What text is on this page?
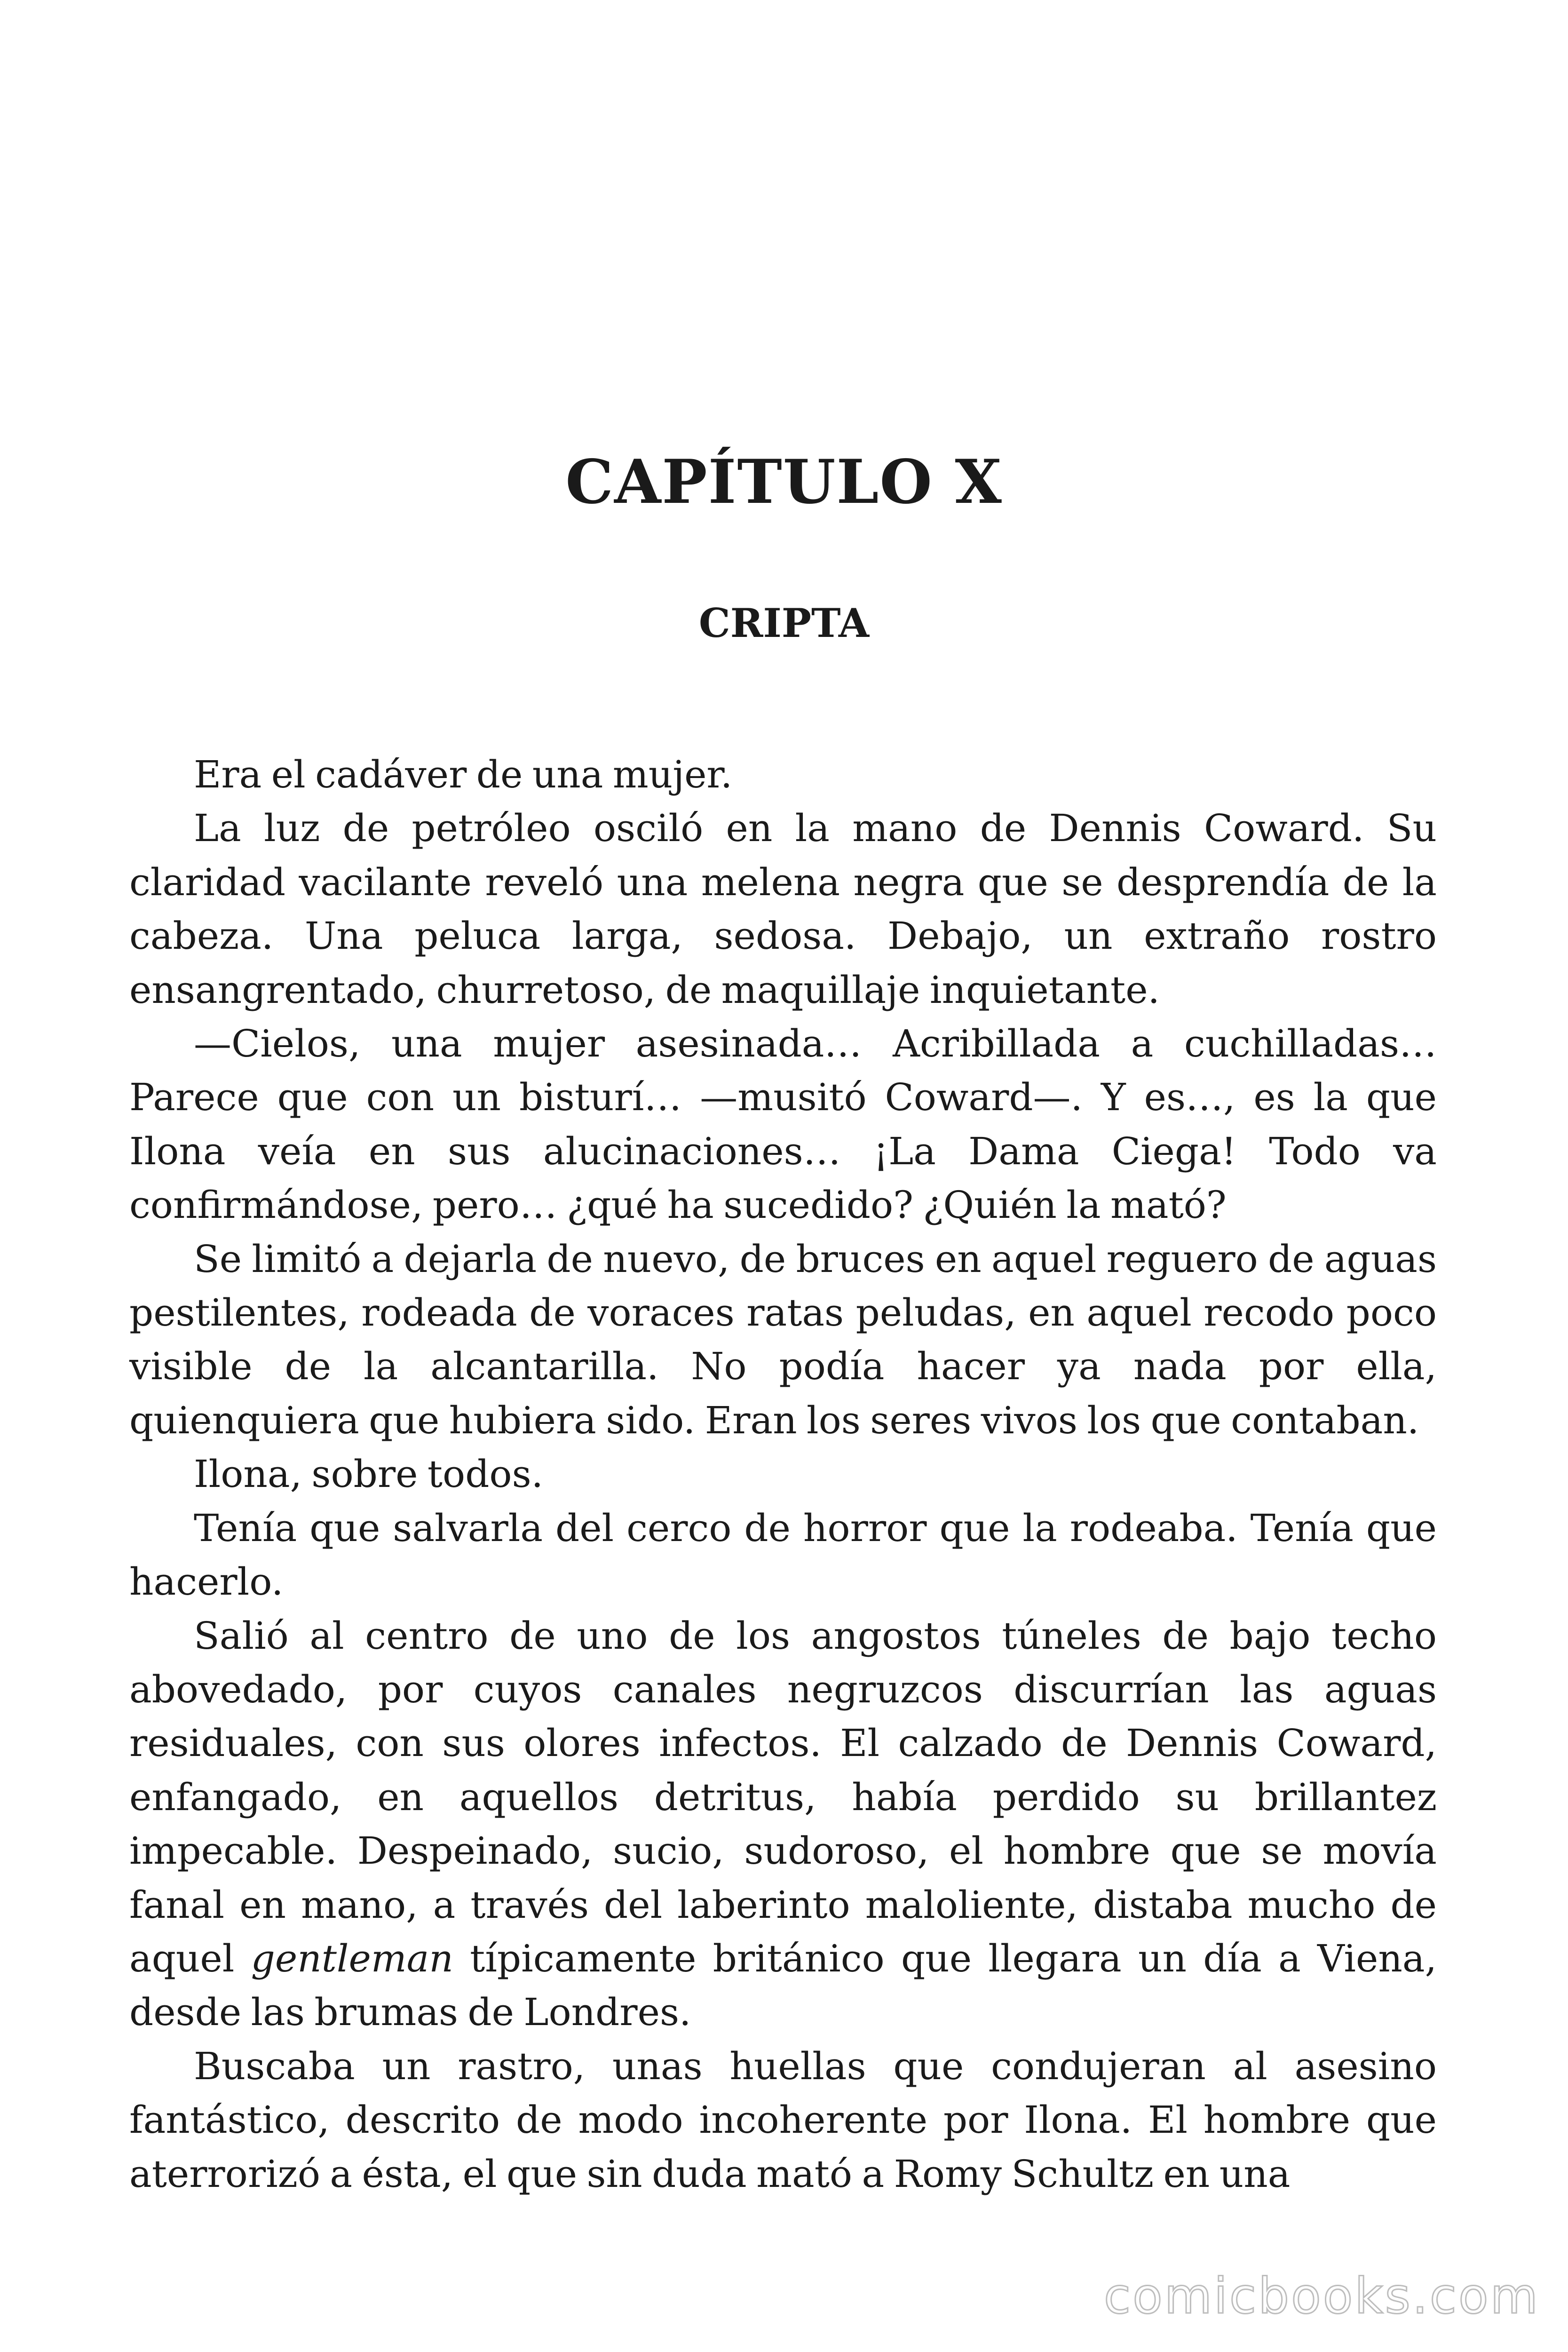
CAPÍTULO X
CRIPTA

Era el cadáver de una mujer.

La luz de petróleo osciló en la mano de Dennis Coward. Su claridad vacilante reveló una melena negra que se desprendía de la cabeza. Una peluca larga, sedosa. Debajo, un extraño rostro ensangrentado, churretoso, de maquillaje inquietante.

—Cielos, una mujer asesinada… Acribillada a cuchilladas… Parece que con un bisturí… —musitó Coward—. Y es…, es la que Ilona veía en sus alucinaciones… ¡La Dama Ciega! Todo va confirmándose, pero… ¿qué ha sucedido? ¿Quién la mató?

Se limitó a dejarla de nuevo, de bruces en aquel reguero de aguas pestilentes, rodeada de voraces ratas peludas, en aquel recodo poco visible de la alcantarilla. No podía hacer ya nada por ella, quienquiera que hubiera sido. Eran los seres vivos los que contaban.

Ilona, sobre todos.

Tenía que salvarla del cerco de horror que la rodeaba. Tenía que hacerlo.

Salió al centro de uno de los angostos túneles de bajo techo abovedado, por cuyos canales negruzcos discurrían las aguas residuales, con sus olores infectos. El calzado de Dennis Coward, enfangado, en aquellos detritus, había perdido su brillantez impecable. Despeinado, sucio, sudoroso, el hombre que se movía fanal en mano, a través del laberinto maloliente, distaba mucho de aquel gentleman típicamente británico que llegara un día a Viena, desde las brumas de Londres.

Buscaba un rastro, unas huellas que condujeran al asesino fantástico, descrito de modo incoherente por Ilona. El hombre que aterrorizó a ésta, el que sin duda mató a Romy Schultz en una

comicbooks.com
